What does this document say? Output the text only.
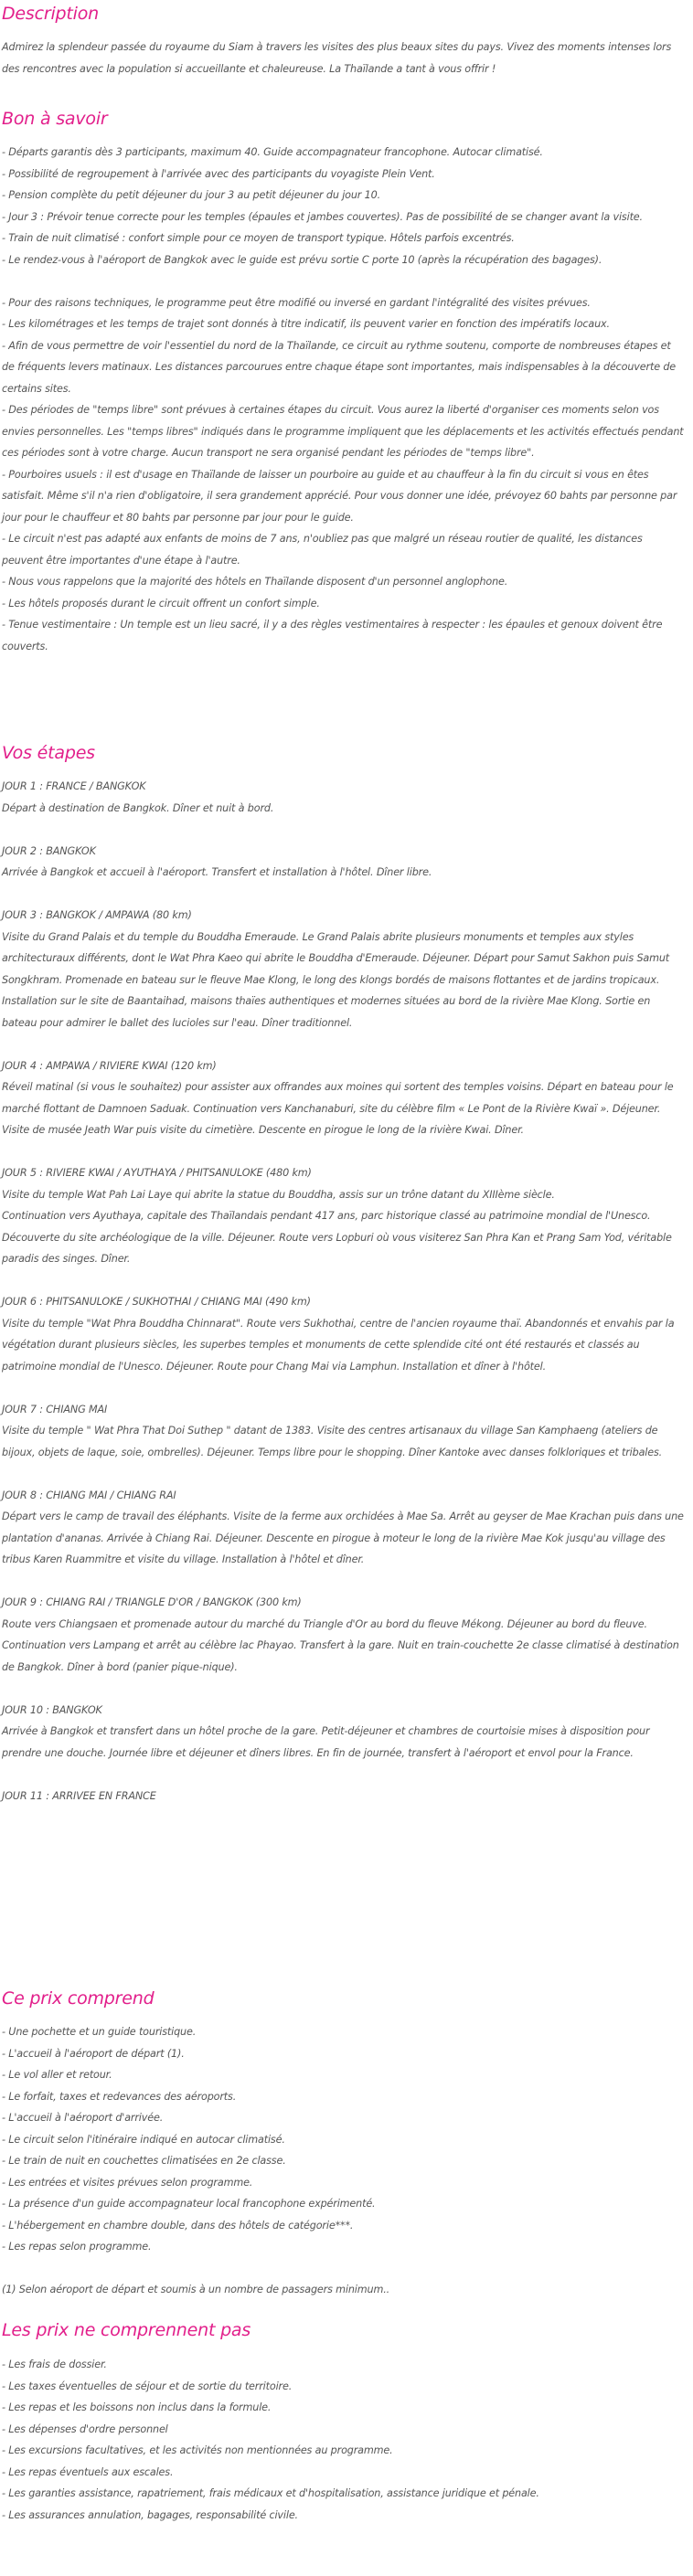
Description

Admirez la splendeur passée du royaume du Siam à travers les visites des plus beaux sites du pays. Vivez des moments intenses lors des rencontres avec la population si accueillante et chaleureuse. La Thaïlande a tant à vous offrir !

Bon à savoir

- Départs garantis dès 3 participants, maximum 40. Guide accompagnateur francophone. Autocar climatisé.

- Possibilité de regroupement à l'arrivée avec des participants du voyagiste Plein Vent.

- Pension complète du petit déjeuner du jour 3 au petit déjeuner du jour 10.

- Jour 3 : Prévoir tenue correcte pour les temples (épaules et jambes couvertes). Pas de possibilité de se changer avant la visite.

- Train de nuit climatisé : confort simple pour ce moyen de transport typique. Hôtels parfois excentrés.

- Le rendez-vous à l'aéroport de Bangkok avec le guide est prévu sortie C porte 10 (après la récupération des bagages).

- Pour des raisons techniques, le programme peut être modifié ou inversé en gardant l'intégralité des visites prévues.

- Les kilométrages et les temps de trajet sont donnés à titre indicatif, ils peuvent varier en fonction des impératifs locaux.

- Afin de vous permettre de voir l'essentiel du nord de la Thaïlande, ce circuit au rythme soutenu, comporte de nombreuses étapes et de fréquents levers matinaux. Les distances parcourues entre chaque étape sont importantes, mais indispensables à la découverte de certains sites.

- Des périodes de "temps libre" sont prévues à certaines étapes du circuit. Vous aurez la liberté d'organiser ces moments selon vos envies personnelles. Les "temps libres" indiqués dans le programme impliquent que les déplacements et les activités effectués pendant ces périodes sont à votre charge. Aucun transport ne sera organisé pendant les périodes de "temps libre".

- Pourboires usuels : il est d'usage en Thaïlande de laisser un pourboire au guide et au chauffeur à la fin du circuit si vous en êtes satisfait. Même s'il n'a rien d'obligatoire, il sera grandement apprécié. Pour vous donner une idée, prévoyez 60 bahts par personne par jour pour le chauffeur et 80 bahts par personne par jour pour le guide.

- Le circuit n'est pas adapté aux enfants de moins de 7 ans, n'oubliez pas que malgré un réseau routier de qualité, les distances peuvent être importantes d'une étape à l'autre.

- Nous vous rappelons que la majorité des hôtels en Thaïlande disposent d'un personnel anglophone.

- Les hôtels proposés durant le circuit offrent un confort simple.

- Tenue vestimentaire : Un temple est un lieu sacré, il y a des règles vestimentaires à respecter : les épaules et genoux doivent être couverts.

Vos étapes
JOUR 1 : FRANCE / BANGKOK

Départ à destination de Bangkok. Dîner et nuit à bord.

JOUR 2 : BANGKOK

Arrivée à Bangkok et accueil à l'aéroport. Transfert et installation à l'hôtel. Dîner libre.

JOUR 3 : BANGKOK / AMPAWA (80 km)

Visite du Grand Palais et du temple du Bouddha Emeraude. Le Grand Palais abrite plusieurs monuments et temples aux styles architecturaux différents, dont le Wat Phra Kaeo qui abrite le Bouddha d'Emeraude. Déjeuner. Départ pour Samut Sakhon puis Samut Songkhram. Promenade en bateau sur le fleuve Mae Klong, le long des klongs bordés de maisons flottantes et de jardins tropicaux. Installation sur le site de Baantaihad, maisons thaïes authentiques et modernes situées au bord de la rivière Mae Klong. Sortie en bateau pour admirer le ballet des lucioles sur l'eau. Dîner traditionnel.

JOUR 4 : AMPAWA / RIVIERE KWAI (120 km)

Réveil matinal (si vous le souhaitez) pour assister aux offrandes aux moines qui sortent des temples voisins. Départ en bateau pour le marché flottant de Damnoen Saduak. Continuation vers Kanchanaburi, site du célèbre film « Le Pont de la Rivière Kwaï ». Déjeuner. Visite de musée Jeath War puis visite du cimetière. Descente en pirogue le long de la rivière Kwai. Dîner.

JOUR 5 : RIVIERE KWAI / AYUTHAYA / PHITSANULOKE (480 km)

Visite du temple Wat Pah Lai Laye qui abrite la statue du Bouddha, assis sur un trône datant du XIIIème siècle.
Continuation vers Ayuthaya, capitale des Thaïlandais pendant 417 ans, parc historique classé au patrimoine mondial de l'Unesco. Découverte du site archéologique de la ville. Déjeuner. Route vers Lopburi où vous visiterez San Phra Kan et Prang Sam Yod, véritable paradis des singes. Dîner.

JOUR 6 : PHITSANULOKE / SUKHOTHAI / CHIANG MAI (490 km)

Visite du temple "Wat Phra Bouddha Chinnarat". Route vers Sukhothai, centre de l'ancien royaume thaï. Abandonnés et envahis par la végétation durant plusieurs siècles, les superbes temples et monuments de cette splendide cité ont été restaurés et classés au patrimoine mondial de l'Unesco. Déjeuner. Route pour Chang Mai via Lamphun. Installation et dîner à l'hôtel.

JOUR 7 : CHIANG MAI

Visite du temple " Wat Phra That Doi Suthep " datant de 1383. Visite des centres artisanaux du village San Kamphaeng (ateliers de bijoux, objets de laque, soie, ombrelles). Déjeuner. Temps libre pour le shopping. Dîner Kantoke avec danses folkloriques et tribales.

JOUR 8 : CHIANG MAI / CHIANG RAI

Départ vers le camp de travail des éléphants. Visite de la ferme aux orchidées à Mae Sa. Arrêt au geyser de Mae Krachan puis dans une plantation d'ananas. Arrivée à Chiang Rai. Déjeuner. Descente en pirogue à moteur le long de la rivière Mae Kok jusqu'au village des tribus Karen Ruammitre et visite du village. Installation à l'hôtel et dîner.

JOUR 9 : CHIANG RAI / TRIANGLE D'OR / BANGKOK (300 km)

Route vers Chiangsaen et promenade autour du marché du Triangle d'Or au bord du fleuve Mékong. Déjeuner au bord du fleuve.
Continuation vers Lampang et arrêt au célèbre lac Phayao. Transfert à la gare. Nuit en train-couchette 2e classe climatisé à destination de Bangkok. Dîner à bord (panier pique-nique).

JOUR 10 : BANGKOK

Arrivée à Bangkok et transfert dans un hôtel proche de la gare. Petit-déjeuner et chambres de courtoisie mises à disposition pour prendre une douche. Journée libre et déjeuner et dîners libres. En fin de journée, transfert à l'aéroport et envol pour la France.

JOUR 11 : ARRIVEE EN FRANCE
Ce prix comprend

- Une pochette et un guide touristique.

- L'accueil à l'aéroport de départ (1).

- Le vol aller et retour.

- Le forfait, taxes et redevances des aéroports.

- L'accueil à l'aéroport d'arrivée.

- Le circuit selon l'itinéraire indiqué en autocar climatisé.

- Le train de nuit en couchettes climatisées en 2e classe.

- Les entrées et visites prévues selon programme.

- La présence d'un guide accompagnateur local francophone expérimenté.

- L'hébergement en chambre double, dans des hôtels de catégorie***.

- Les repas selon programme.

(1) Selon aéroport de départ et soumis à un nombre de passagers minimum..

Les prix ne comprennent pas

- Les frais de dossier.

- Les taxes éventuelles de séjour et de sortie du territoire.

- Les repas et les boissons non inclus dans la formule.

- Les dépenses d'ordre personnel

- Les excursions facultatives, et les activités non mentionnées au programme.

- Les repas éventuels aux escales.

- Les garanties assistance, rapatriement, frais médicaux et d'hospitalisation, assistance juridique et pénale.

- Les assurances annulation, bagages, responsabilité civile.
